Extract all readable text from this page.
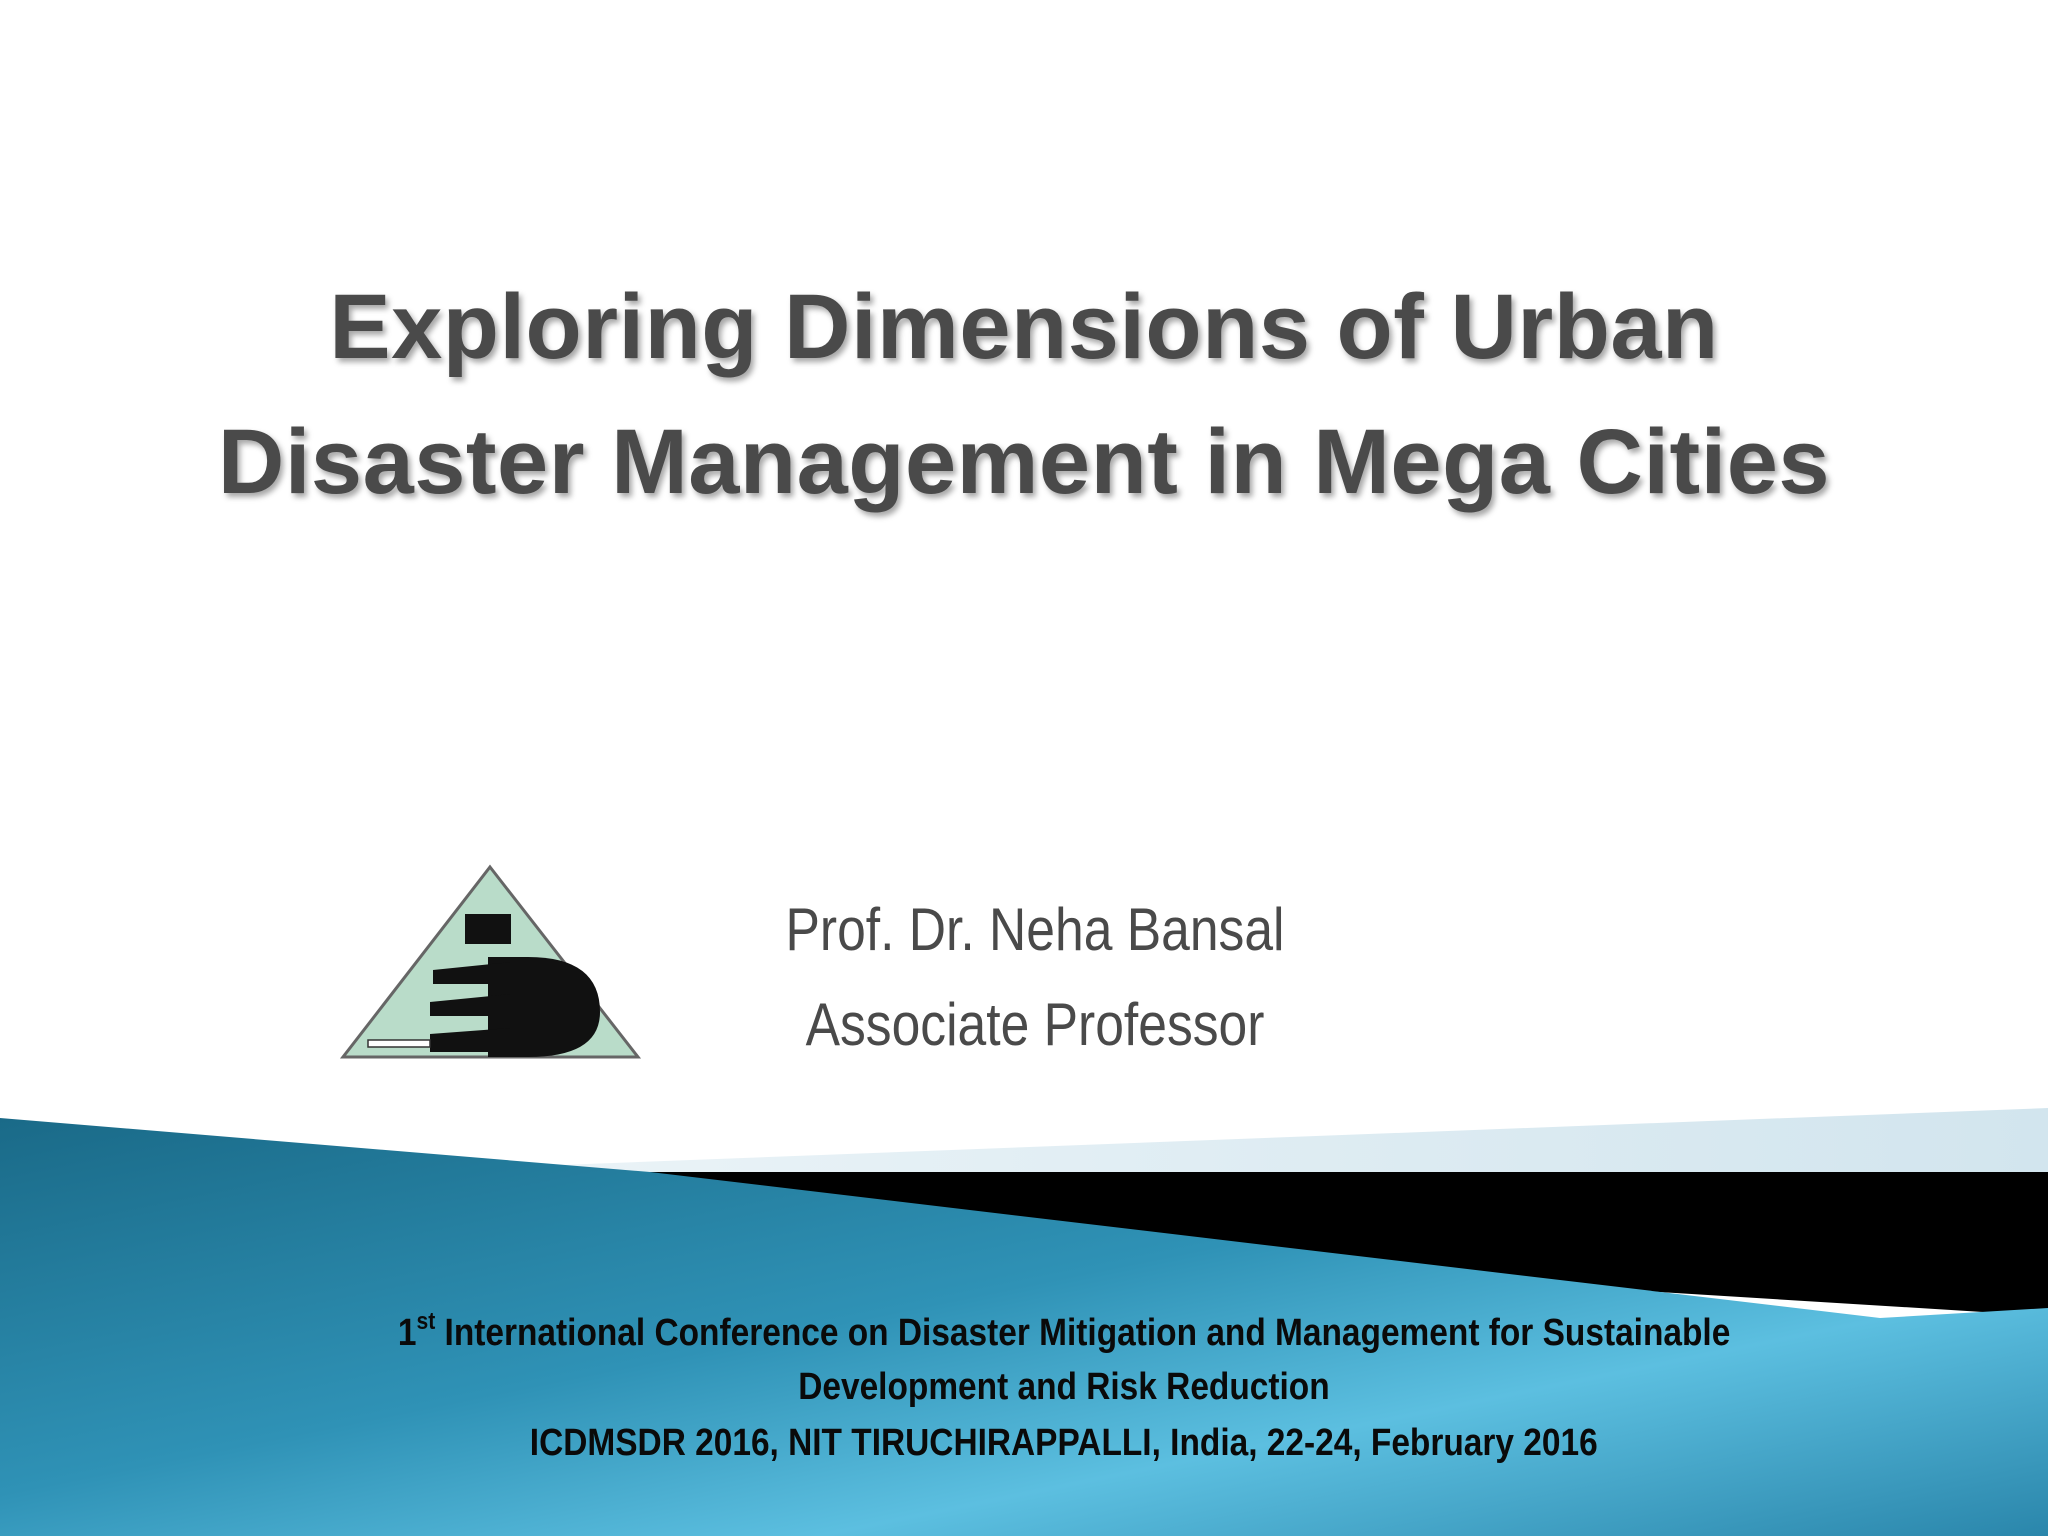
Exploring Dimensions of Urban
Disaster Management in Mega Cities
Prof. Dr. Neha Bansal
Associate Professor
1st International Conference on Disaster Mitigation and Management for Sustainable
Development and Risk Reduction
ICDMSDR 2016, NIT TIRUCHIRAPPALLI, India, 22-24, February 2016
